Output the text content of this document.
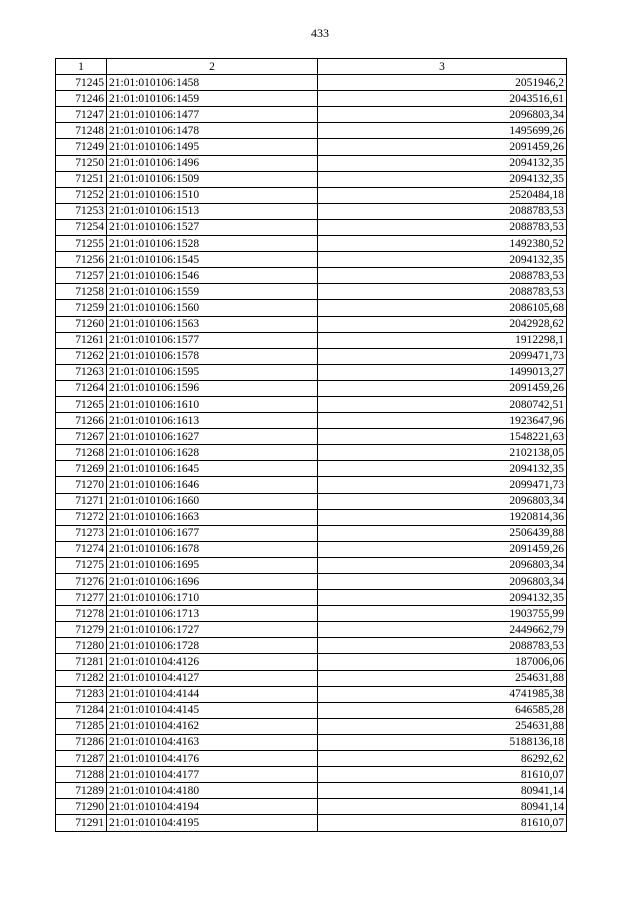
433
1	2	3
71245	21:01:010106:1458	2051946,2
71246	21:01:010106:1459	2043516,61
71247	21:01:010106:1477	2096803,34
71248	21:01:010106:1478	1495699,26
71249	21:01:010106:1495	2091459,26
71250	21:01:010106:1496	2094132,35
71251	21:01:010106:1509	2094132,35
71252	21:01:010106:1510	2520484,18
71253	21:01:010106:1513	2088783,53
71254	21:01:010106:1527	2088783,53
71255	21:01:010106:1528	1492380,52
71256	21:01:010106:1545	2094132,35
71257	21:01:010106:1546	2088783,53
71258	21:01:010106:1559	2088783,53
71259	21:01:010106:1560	2086105,68
71260	21:01:010106:1563	2042928,62
71261	21:01:010106:1577	1912298,1
71262	21:01:010106:1578	2099471,73
71263	21:01:010106:1595	1499013,27
71264	21:01:010106:1596	2091459,26
71265	21:01:010106:1610	2080742,51
71266	21:01:010106:1613	1923647,96
71267	21:01:010106:1627	1548221,63
71268	21:01:010106:1628	2102138,05
71269	21:01:010106:1645	2094132,35
71270	21:01:010106:1646	2099471,73
71271	21:01:010106:1660	2096803,34
71272	21:01:010106:1663	1920814,36
71273	21:01:010106:1677	2506439,88
71274	21:01:010106:1678	2091459,26
71275	21:01:010106:1695	2096803,34
71276	21:01:010106:1696	2096803,34
71277	21:01:010106:1710	2094132,35
71278	21:01:010106:1713	1903755,99
71279	21:01:010106:1727	2449662,79
71280	21:01:010106:1728	2088783,53
71281	21:01:010104:4126	187006,06
71282	21:01:010104:4127	254631,88
71283	21:01:010104:4144	4741985,38
71284	21:01:010104:4145	646585,28
71285	21:01:010104:4162	254631,88
71286	21:01:010104:4163	5188136,18
71287	21:01:010104:4176	86292,62
71288	21:01:010104:4177	81610,07
71289	21:01:010104:4180	80941,14
71290	21:01:010104:4194	80941,14
71291	21:01:010104:4195	81610,07
